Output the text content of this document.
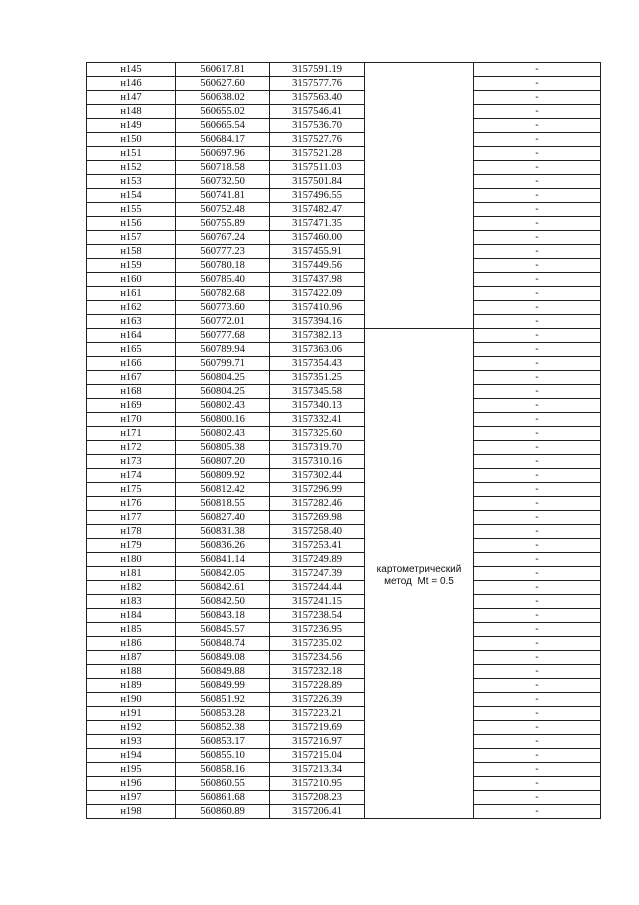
н145	560617.81	3157591.19		-
н146	560627.60	3157577.76		-
н147	560638.02	3157563.40		-
н148	560655.02	3157546.41		-
н149	560665.54	3157536.70		-
н150	560684.17	3157527.76		-
н151	560697.96	3157521.28		-
н152	560718.58	3157511.03		-
н153	560732.50	3157501.84		-
н154	560741.81	3157496.55		-
н155	560752.48	3157482.47		-
н156	560755.89	3157471.35		-
н157	560767.24	3157460.00		-
н158	560777.23	3157455.91		-
н159	560780.18	3157449.56		-
н160	560785.40	3157437.98		-
н161	560782.68	3157422.09		-
н162	560773.60	3157410.96		-
н163	560772.01	3157394.16		-
н164	560777.68	3157382.13	картометрический
метод  Mt = 0.5	-
н165	560789.94	3157363.06		-
н166	560799.71	3157354.43		-
н167	560804.25	3157351.25		-
н168	560804.25	3157345.58		-
н169	560802.43	3157340.13		-
н170	560800.16	3157332.41		-
н171	560802.43	3157325.60		-
н172	560805.38	3157319.70		-
н173	560807.20	3157310.16		-
н174	560809.92	3157302.44		-
н175	560812.42	3157296.99		-
н176	560818.55	3157282.46		-
н177	560827.40	3157269.98		-
н178	560831.38	3157258.40		-
н179	560836.26	3157253.41		-
н180	560841.14	3157249.89		-
н181	560842.05	3157247.39		-
н182	560842.61	3157244.44		-
н183	560842.50	3157241.15		-
н184	560843.18	3157238.54		-
н185	560845.57	3157236.95		-
н186	560848.74	3157235.02		-
н187	560849.08	3157234.56		-
н188	560849.88	3157232.18		-
н189	560849.99	3157228.89		-
н190	560851.92	3157226.39		-
н191	560853.28	3157223.21		-
н192	560852.38	3157219.69		-
н193	560853.17	3157216.97		-
н194	560855.10	3157215.04		-
н195	560858.16	3157213.34		-
н196	560860.55	3157210.95		-
н197	560861.68	3157208.23		-
н198	560860.89	3157206.41		-
